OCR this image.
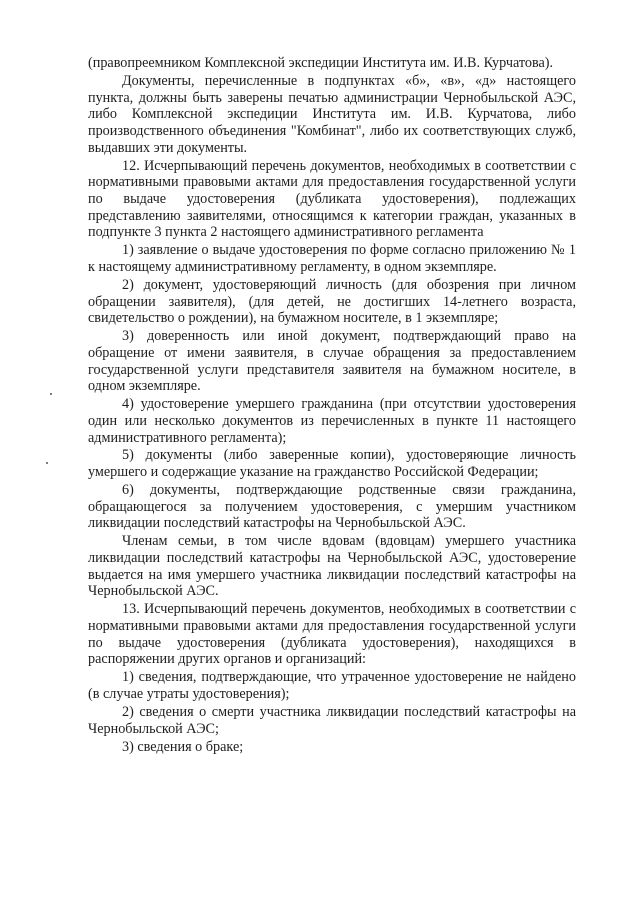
(правопреемником Комплексной экспедиции Института им. И.В. Курчатова).

Документы, перечисленные в подпунктах «б», «в», «д» настоящего пункта, должны быть заверены печатью администрации Чернобыльской АЭС, либо Комплексной экспедиции Института им. И.В. Курчатова, либо производственного объединения "Комбинат", либо их соответствующих служб, выдавших эти документы.

12. Исчерпывающий перечень документов, необходимых в соответствии с нормативными правовыми актами для предоставления государственной услуги по выдаче удостоверения (дубликата удостоверения), подлежащих представлению заявителями, относящимся к категории граждан, указанных в подпункте 3 пункта 2 настоящего административного регламента

1) заявление о выдаче удостоверения по форме согласно приложению № 1 к настоящему административному регламенту, в одном экземпляре.

2) документ, удостоверяющий личность (для обозрения при личном обращении заявителя), (для детей, не достигших 14-летнего возраста, свидетельство о рождении), на бумажном носителе, в 1 экземпляре;

3) доверенность или иной документ, подтверждающий право на обращение от имени заявителя, в случае обращения за предоставлением государственной услуги представителя заявителя на бумажном носителе, в одном экземпляре.

4) удостоверение умершего гражданина (при отсутствии удостоверения один или несколько документов из перечисленных в пункте 11 настоящего административного регламента);

5) документы (либо заверенные копии), удостоверяющие личность умершего и содержащие указание на гражданство Российской Федерации;

6) документы, подтверждающие родственные связи гражданина, обращающегося за получением удостоверения, с умершим участником ликвидации последствий катастрофы на Чернобыльской АЭС.

Членам семьи, в том числе вдовам (вдовцам) умершего участника ликвидации последствий катастрофы на Чернобыльской АЭС, удостоверение выдается на имя умершего участника ликвидации последствий катастрофы на Чернобыльской АЭС.

13. Исчерпывающий перечень документов, необходимых в соответствии с нормативными правовыми актами для предоставления государственной услуги по выдаче удостоверения (дубликата удостоверения), находящихся в распоряжении других органов и организаций:

1) сведения, подтверждающие, что утраченное удостоверение не найдено (в случае утраты удостоверения);

2) сведения о смерти участника ликвидации последствий катастрофы на Чернобыльской АЭС;

3) сведения о браке;
